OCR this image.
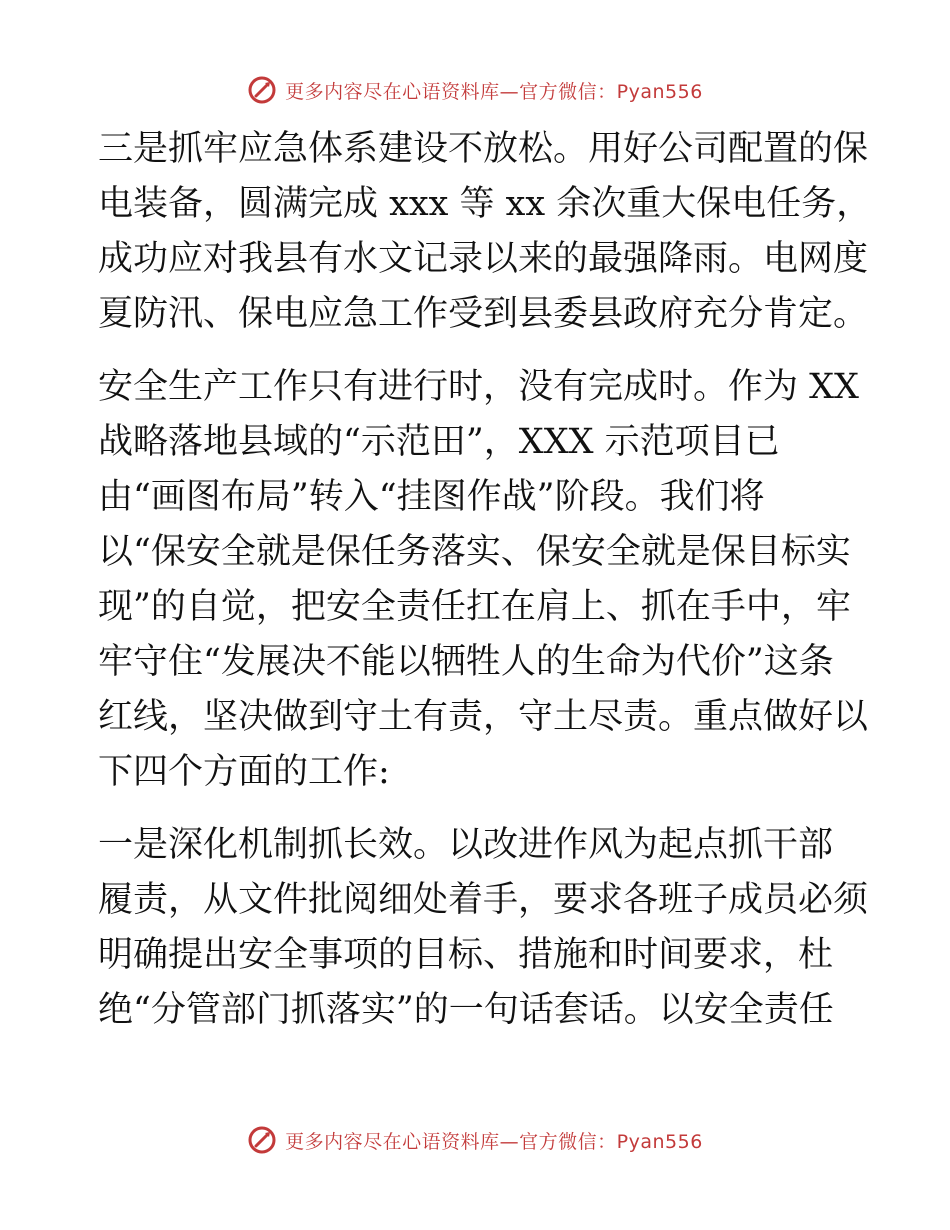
更多内容尽在心语资料库—官方微信：Pyan556
三是抓牢应急体系建设不放松。用好公司配置的保
电装备，圆满完成 xxx 等 xx 余次重大保电任务，
成功应对我县有水文记录以来的最强降雨。电网度
夏防汛、保电应急工作受到县委县政府充分肯定。
安全生产工作只有进行时，没有完成时。作为 XX
战略落地县域的“示范田”，XXX 示范项目已
由“画图布局”转入“挂图作战”阶段。我们将
以“保安全就是保任务落实、保安全就是保目标实
现”的自觉，把安全责任扛在肩上、抓在手中，牢
牢守住“发展决不能以牺牲人的生命为代价”这条
红线，坚决做到守土有责，守土尽责。重点做好以
下四个方面的工作:
一是深化机制抓长效。以改进作风为起点抓干部
履责，从文件批阅细处着手，要求各班子成员必须
明确提出安全事项的目标、措施和时间要求，杜
绝“分管部门抓落实”的一句话套话。以安全责任
更多内容尽在心语资料库—官方微信：Pyan556
